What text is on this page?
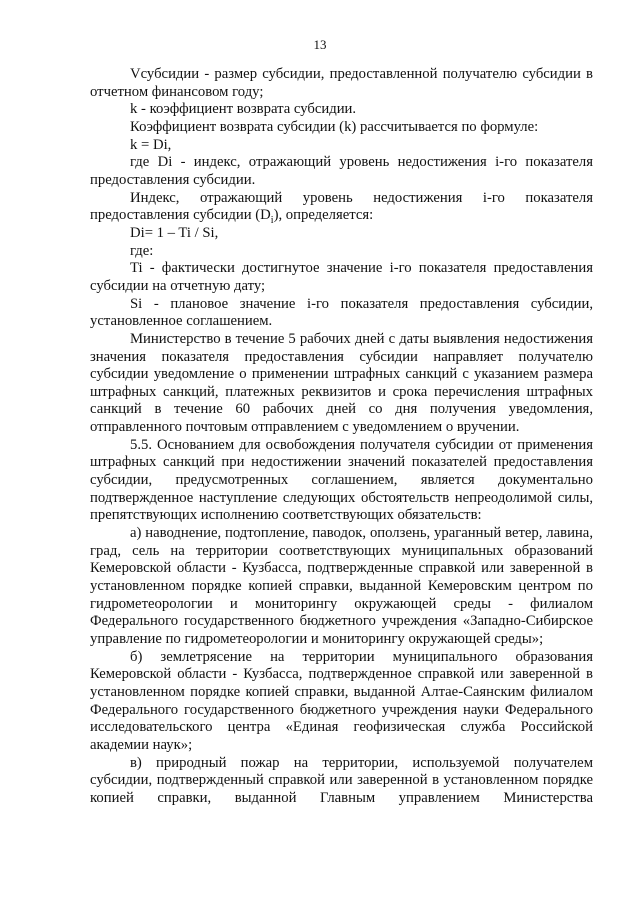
13

Vсубсидии - размер субсидии, предоставленной получателю субсидии в отчетном финансовом году;

k - коэффициент возврата субсидии.

Коэффициент возврата субсидии (k) рассчитывается по формуле:

k = Di,

где Di - индекс, отражающий уровень недостижения i-го показателя предоставления субсидии.

Индекс, отражающий уровень недостижения i-го показателя предоставления субсидии $(D_i)$, определяется:

Di= 1 – Ti / Si,

где:

Ti - фактически достигнутое значение i-го показателя предоставления субсидии на отчетную дату;

Si - плановое значение i-го показателя предоставления субсидии, установленное соглашением.

Министерство в течение 5 рабочих дней с даты выявления недостижения значения показателя предоставления субсидии направляет получателю субсидии уведомление о применении штрафных санкций с указанием размера штрафных санкций, платежных реквизитов и срока перечисления штрафных санкций в течение 60 рабочих дней со дня получения уведомления, отправленного почтовым отправлением с уведомлением о вручении.

5.5. Основанием для освобождения получателя субсидии от применения штрафных санкций при недостижении значений показателей предоставления субсидии, предусмотренных соглашением, является документально подтвержденное наступление следующих обстоятельств непреодолимой силы, препятствующих исполнению соответствующих обязательств:

а) наводнение, подтопление, паводок, оползень, ураганный ветер, лавина, град, сель на территории соответствующих муниципальных образований Кемеровской области - Кузбасса, подтвержденные справкой или заверенной в установленном порядке копией справки, выданной Кемеровским центром по гидрометеорологии и мониторингу окружающей среды - филиалом Федерального государственного бюджетного учреждения «Западно-Сибирское управление по гидрометеорологии и мониторингу окружающей среды»;

б) землетрясение на территории муниципального образования Кемеровской области - Кузбасса, подтвержденное справкой или заверенной в установленном порядке копией справки, выданной Алтае-Саянским филиалом Федерального государственного бюджетного учреждения науки Федерального исследовательского центра «Единая геофизическая служба Российской академии наук»;

в) природный пожар на территории, используемой получателем субсидии, подтвержденный справкой или заверенной в установленном порядке копией справки, выданной Главным управлением Министерства
